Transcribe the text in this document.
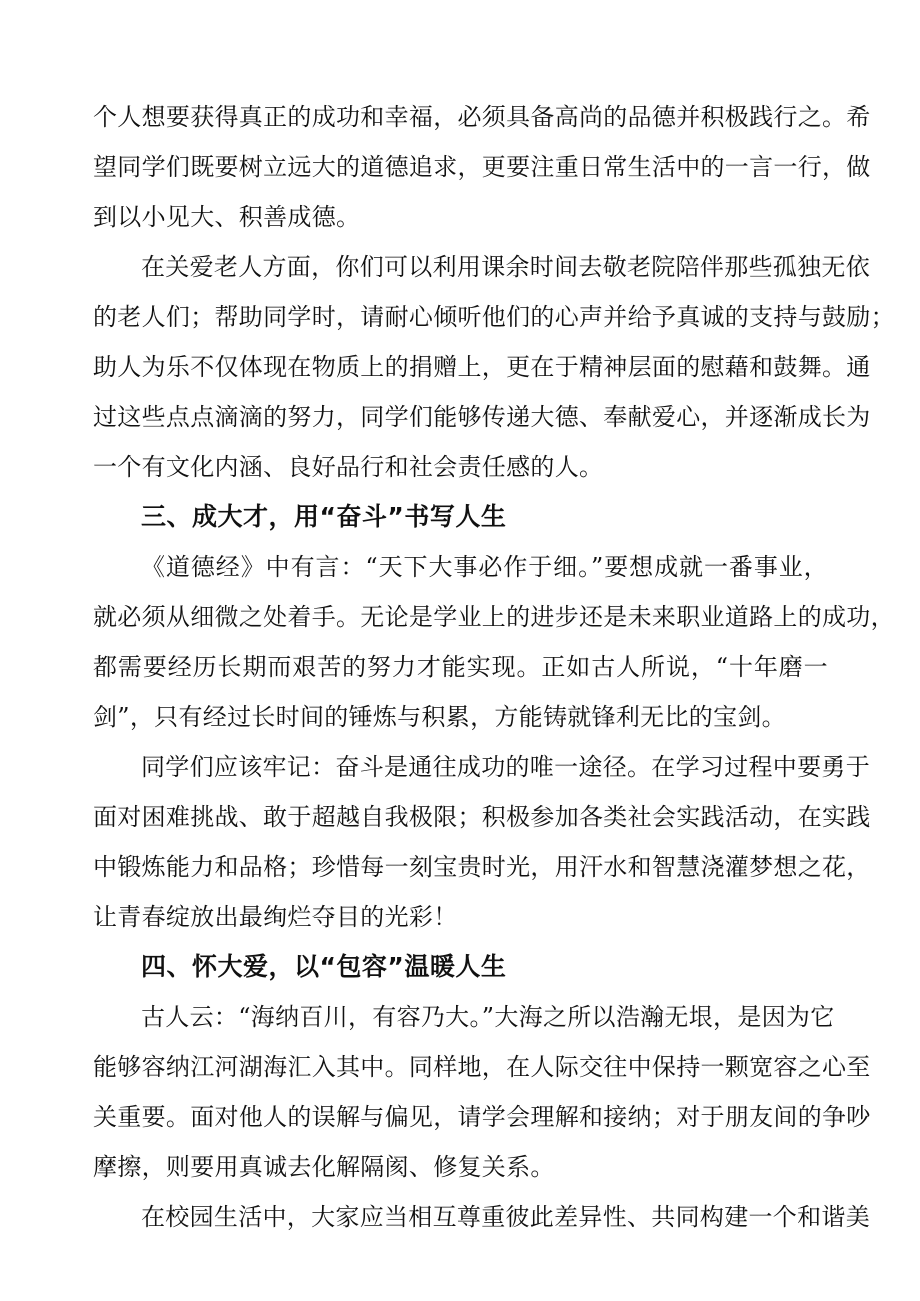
个人想要获得真正的成功和幸福，必须具备高尚的品德并积极践行之。希
望同学们既要树立远大的道德追求，更要注重日常生活中的一言一行，做
到以小见大、积善成德。
在关爱老人方面，你们可以利用课余时间去敬老院陪伴那些孤独无依
的老人们；帮助同学时，请耐心倾听他们的心声并给予真诚的支持与鼓励；
助人为乐不仅体现在物质上的捐赠上，更在于精神层面的慰藉和鼓舞。通
过这些点点滴滴的努力，同学们能够传递大德、奉献爱心，并逐渐成长为
一个有文化内涵、良好品行和社会责任感的人。
三、成大才，用“奋斗”书写人生
《道德经》中有言：“天下大事必作于细。”要想成就一番事业，
就必须从细微之处着手。无论是学业上的进步还是未来职业道路上的成功，
都需要经历长期而艰苦的努力才能实现。正如古人所说，“十年磨一
剑”，只有经过长时间的锤炼与积累，方能铸就锋利无比的宝剑。
同学们应该牢记：奋斗是通往成功的唯一途径。在学习过程中要勇于
面对困难挑战、敢于超越自我极限；积极参加各类社会实践活动，在实践
中锻炼能力和品格；珍惜每一刻宝贵时光，用汗水和智慧浇灌梦想之花，
让青春绽放出最绚烂夺目的光彩！
四、怀大爱，以“包容”温暖人生
古人云：“海纳百川，有容乃大。”大海之所以浩瀚无垠，是因为它
能够容纳江河湖海汇入其中。同样地，在人际交往中保持一颗宽容之心至
关重要。面对他人的误解与偏见，请学会理解和接纳；对于朋友间的争吵
摩擦，则要用真诚去化解隔阂、修复关系。
在校园生活中，大家应当相互尊重彼此差异性、共同构建一个和谐美
